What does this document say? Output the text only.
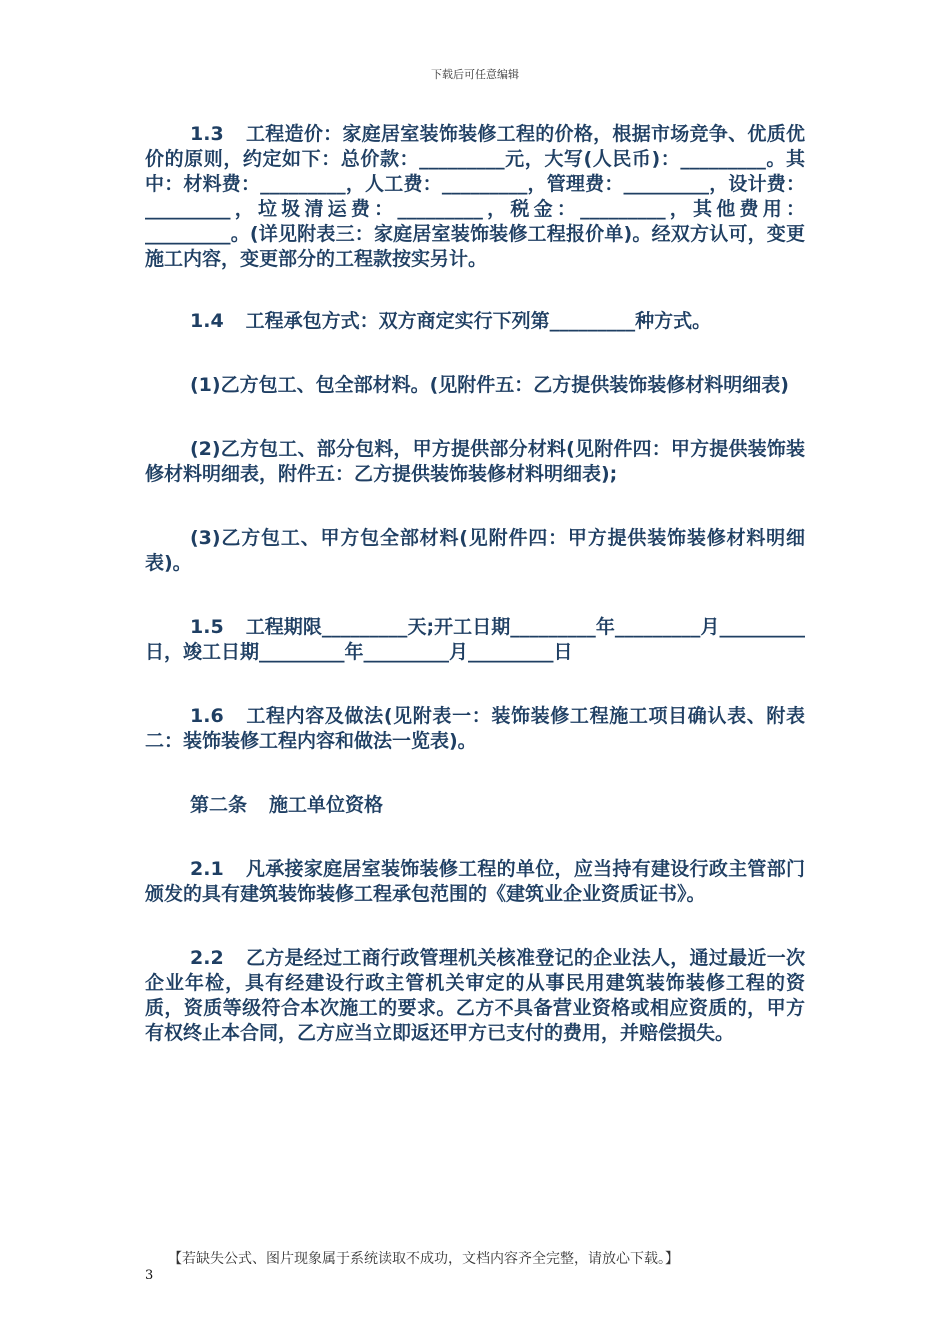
下载后可任意编辑

1.3 工程造价：家庭居室装饰装修工程的价格，根据市场竞争、优质优价的原则，约定如下：总价款：_________元，大写(人民币)：_________。其中：材料费：_________，人工费：_________，管理费：_________，设计费：_________，垃圾清运费：_________，税金：_________，其他费用：_________。(详见附表三：家庭居室装饰装修工程报价单)。经双方认可，变更施工内容，变更部分的工程款按实另计。

1.4 工程承包方式：双方商定实行下列第_________种方式。

(1)乙方包工、包全部材料。(见附件五：乙方提供装饰装修材料明细表)

(2)乙方包工、部分包料，甲方提供部分材料(见附件四：甲方提供装饰装修材料明细表，附件五：乙方提供装饰装修材料明细表);

(3)乙方包工、甲方包全部材料(见附件四：甲方提供装饰装修材料明细表)。

1.5 工程期限_________天;开工日期_________年_________月_________日，竣工日期_________年_________月_________日

1.6 工程内容及做法(见附表一：装饰装修工程施工项目确认表、附表二：装饰装修工程内容和做法一览表)。

第二条 施工单位资格

2.1 凡承接家庭居室装饰装修工程的单位，应当持有建设行政主管部门颁发的具有建筑装饰装修工程承包范围的《建筑业企业资质证书》。

2.2 乙方是经过工商行政管理机关核准登记的企业法人，通过最近一次企业年检，具有经建设行政主管机关审定的从事民用建筑装饰装修工程的资质，资质等级符合本次施工的要求。乙方不具备营业资格或相应资质的，甲方有权终止本合同，乙方应当立即返还甲方已支付的费用，并赔偿损失。

【若缺失公式、图片现象属于系统读取不成功，文档内容齐全完整，请放心下载。】
3
